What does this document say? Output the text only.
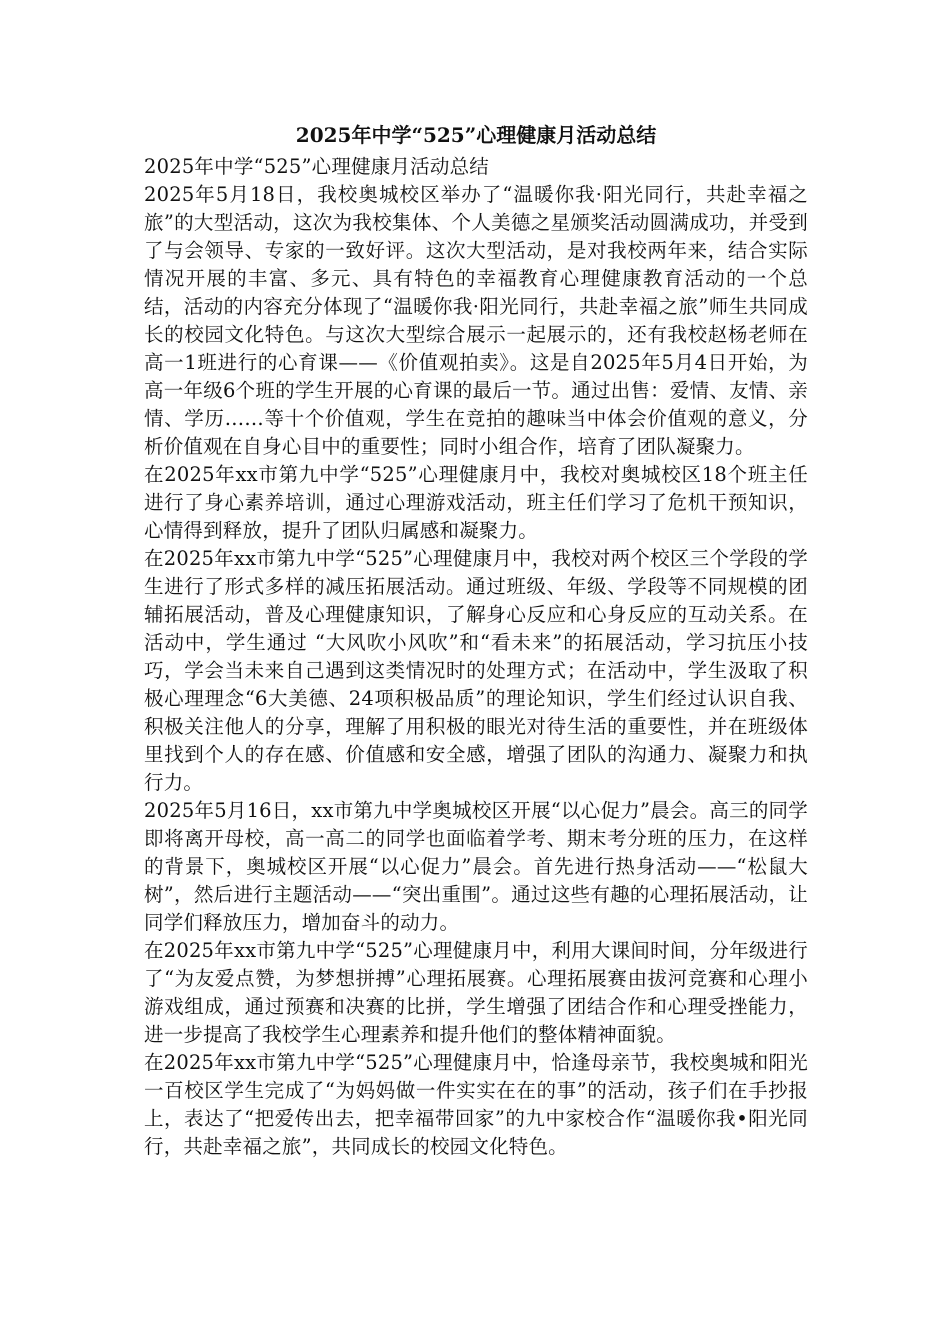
2025年中学“525”心理健康月活动总结

2025年中学“525”心理健康月活动总结

2025年5月18日，我校奥城校区举办了“温暖你我·阳光同行，共赴幸福之旅”的大型活动，这次为我校集体、个人美德之星颁奖活动圆满成功，并受到了与会领导、专家的一致好评。这次大型活动，是对我校两年来，结合实际情况开展的丰富、多元、具有特色的幸福教育心理健康教育活动的一个总结，活动的内容充分体现了“温暖你我·阳光同行，共赴幸福之旅”师生共同成长的校园文化特色。与这次大型综合展示一起展示的，还有我校赵杨老师在高一1班进行的心育课——《价值观拍卖》。这是自2025年5月4日开始，为高一年级6个班的学生开展的心育课的最后一节。通过出售：爱情、友情、亲情、学历……等十个价值观，学生在竞拍的趣味当中体会价值观的意义，分析价值观在自身心目中的重要性；同时小组合作，培育了团队凝聚力。

在2025年xx市第九中学“525”心理健康月中，我校对奥城校区18个班主任进行了身心素养培训，通过心理游戏活动，班主任们学习了危机干预知识，心情得到释放，提升了团队归属感和凝聚力。

在2025年xx市第九中学“525”心理健康月中，我校对两个校区三个学段的学生进行了形式多样的减压拓展活动。通过班级、年级、学段等不同规模的团辅拓展活动，普及心理健康知识，了解身心反应和心身反应的互动关系。在活动中，学生通过 “大风吹小风吹”和“看未来”的拓展活动，学习抗压小技巧，学会当未来自己遇到这类情况时的处理方式；在活动中，学生汲取了积极心理理念“6大美德、24项积极品质”的理论知识，学生们经过认识自我、积极关注他人的分享，理解了用积极的眼光对待生活的重要性，并在班级体里找到个人的存在感、价值感和安全感，增强了团队的沟通力、凝聚力和执行力。

2025年5月16日，xx市第九中学奥城校区开展“以心促力”晨会。高三的同学即将离开母校，高一高二的同学也面临着学考、期末考分班的压力，在这样的背景下，奥城校区开展“以心促力”晨会。首先进行热身活动——“松鼠大树”，然后进行主题活动——“突出重围”。通过这些有趣的心理拓展活动，让同学们释放压力，增加奋斗的动力。

在2025年xx市第九中学“525”心理健康月中，利用大课间时间，分年级进行了“为友爱点赞，为梦想拼搏”心理拓展赛。心理拓展赛由拔河竞赛和心理小游戏组成，通过预赛和决赛的比拼，学生增强了团结合作和心理受挫能力，进一步提高了我校学生心理素养和提升他们的整体精神面貌。

在2025年xx市第九中学“525”心理健康月中，恰逢母亲节，我校奥城和阳光一百校区学生完成了“为妈妈做一件实实在在的事”的活动，孩子们在手抄报上，表达了“把爱传出去，把幸福带回家”的九中家校合作“温暖你我•阳光同行，共赴幸福之旅”，共同成长的校园文化特色。
